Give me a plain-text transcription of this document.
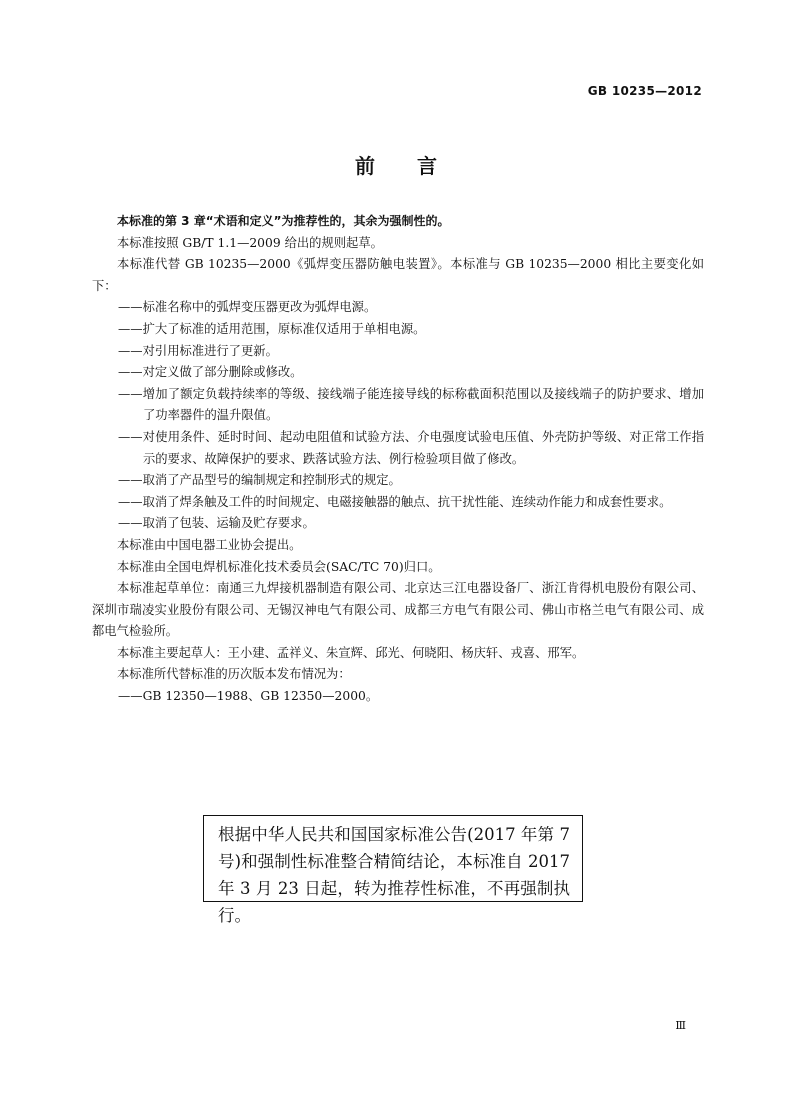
GB 10235—2012
前 言

本标准的第 3 章“术语和定义”为推荐性的，其余为强制性的。

本标准按照 GB/T 1.1—2009 给出的规则起草。

本标准代替 GB 10235—2000《弧焊变压器防触电装置》。本标准与 GB 10235—2000 相比主要变化如下：

——标准名称中的弧焊变压器更改为弧焊电源。

——扩大了标准的适用范围，原标准仅适用于单相电源。

——对引用标准进行了更新。

——对定义做了部分删除或修改。

——增加了额定负载持续率的等级、接线端子能连接导线的标称截面积范围以及接线端子的防护要求、增加了功率器件的温升限值。

——对使用条件、延时时间、起动电阻值和试验方法、介电强度试验电压值、外壳防护等级、对正常工作指示的要求、故障保护的要求、跌落试验方法、例行检验项目做了修改。

——取消了产品型号的编制规定和控制形式的规定。

——取消了焊条触及工件的时间规定、电磁接触器的触点、抗干扰性能、连续动作能力和成套性要求。

——取消了包装、运输及贮存要求。

本标准由中国电器工业协会提出。

本标准由全国电焊机标准化技术委员会(SAC/TC 70)归口。

本标准起草单位：南通三九焊接机器制造有限公司、北京达三江电器设备厂、浙江肯得机电股份有限公司、深圳市瑞凌实业股份有限公司、无锡汉神电气有限公司、成都三方电气有限公司、佛山市格兰电气有限公司、成都电气检验所。

本标准主要起草人：王小建、孟祥义、朱宣辉、邱光、何晓阳、杨庆轩、戎喜、邢军。

本标准所代替标准的历次版本发布情况为：

——GB 12350—1988、GB 12350—2000。

根据中华人民共和国国家标准公告(2017 年第 7 号)和强制性标准整合精简结论，本标准自 2017 年 3 月 23 日起，转为推荐性标准，不再强制执行。
Ⅲ
